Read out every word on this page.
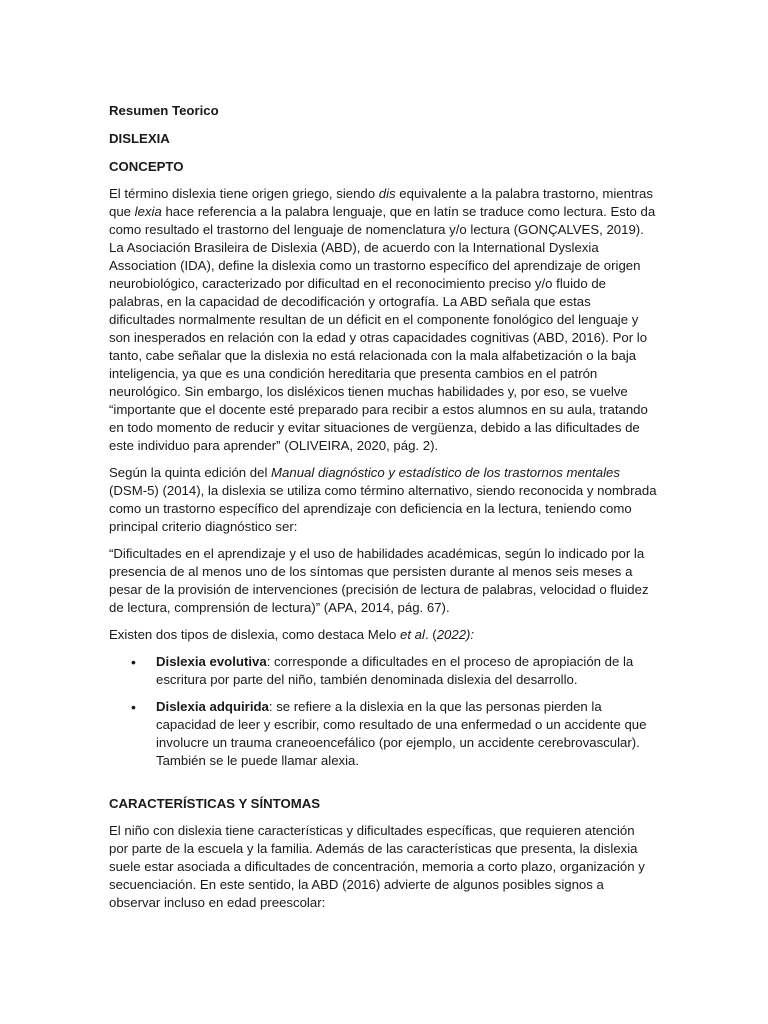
Resumen Teorico

DISLEXIA

CONCEPTO

El término dislexia tiene origen griego, siendo dis equivalente a la palabra trastorno, mientras que lexia hace referencia a la palabra lenguaje, que en latín se traduce como lectura. Esto da como resultado el trastorno del lenguaje de nomenclatura y/o lectura (GONÇALVES, 2019). La Asociación Brasileira de Dislexia (ABD), de acuerdo con la International Dyslexia Association (IDA), define la dislexia como un trastorno específico del aprendizaje de origen neurobiológico, caracterizado por dificultad en el reconocimiento preciso y/o fluido de palabras, en la capacidad de decodificación y ortografía. La ABD señala que estas dificultades normalmente resultan de un déficit en el componente fonológico del lenguaje y son inesperados en relación con la edad y otras capacidades cognitivas (ABD, 2016). Por lo tanto, cabe señalar que la dislexia no está relacionada con la mala alfabetización o la baja inteligencia, ya que es una condición hereditaria que presenta cambios en el patrón neurológico. Sin embargo, los disléxicos tienen muchas habilidades y, por eso, se vuelve “importante que el docente esté preparado para recibir a estos alumnos en su aula, tratando en todo momento de reducir y evitar situaciones de vergüenza, debido a las dificultades de este individuo para aprender” (OLIVEIRA, 2020, pág. 2).

Según la quinta edición del Manual diagnóstico y estadístico de los trastornos mentales (DSM-5) (2014), la dislexia se utiliza como término alternativo, siendo reconocida y nombrada como un trastorno específico del aprendizaje con deficiencia en la lectura, teniendo como principal criterio diagnóstico ser:

“Dificultades en el aprendizaje y el uso de habilidades académicas, según lo indicado por la presencia de al menos uno de los síntomas que persisten durante al menos seis meses a pesar de la provisión de intervenciones (precisión de lectura de palabras, velocidad o fluidez de lectura, comprensión de lectura)” (APA, 2014, pág. 67).

Existen dos tipos de dislexia, como destaca Melo et al. (2022):

• Dislexia evolutiva: corresponde a dificultades en el proceso de apropiación de la escritura por parte del niño, también denominada dislexia del desarrollo.
• Dislexia adquirida: se refiere a la dislexia en la que las personas pierden la capacidad de leer y escribir, como resultado de una enfermedad o un accidente que involucre un trauma craneoencefálico (por ejemplo, un accidente cerebrovascular). También se le puede llamar alexia.

CARACTERÍSTICAS Y SÍNTOMAS

El niño con dislexia tiene características y dificultades específicas, que requieren atención por parte de la escuela y la familia. Además de las características que presenta, la dislexia suele estar asociada a dificultades de concentración, memoria a corto plazo, organización y secuenciación. En este sentido, la ABD (2016) advierte de algunos posibles signos a observar incluso en edad preescolar:
